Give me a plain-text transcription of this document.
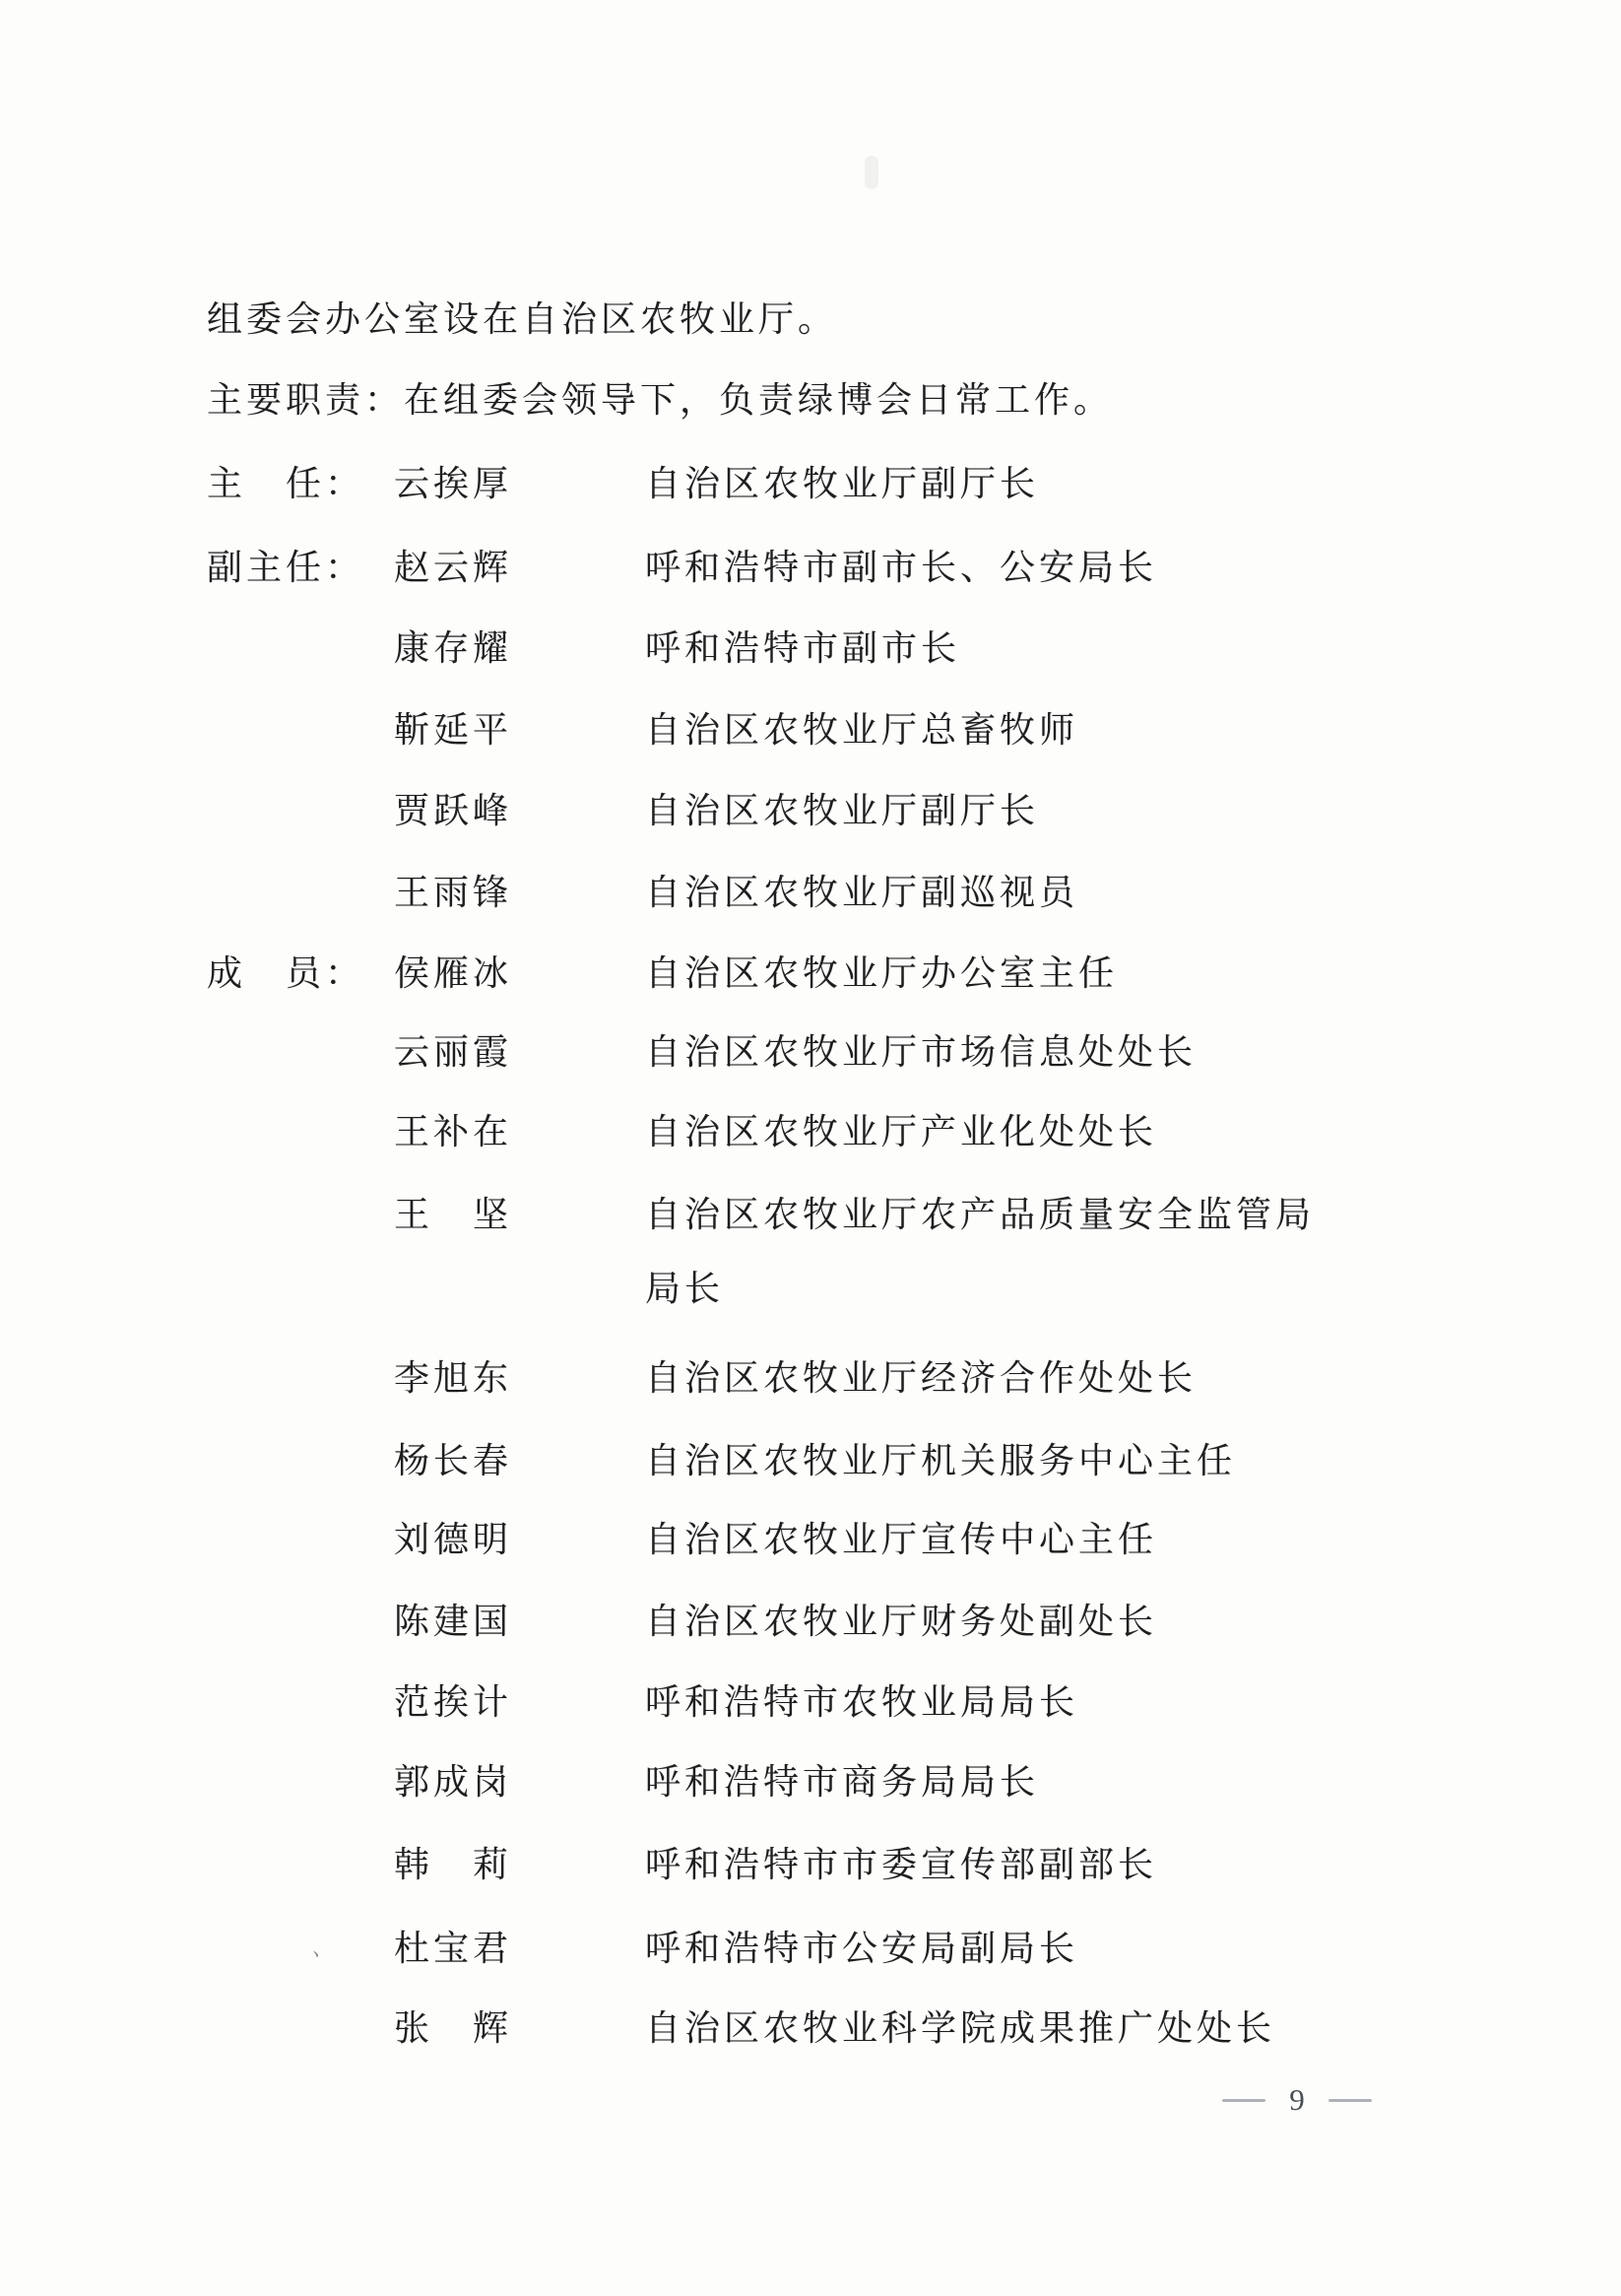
组委会办公室设在自治区农牧业厅。
主要职责：在组委会领导下，负责绿博会日常工作。
主　任： 云挨厚	自治区农牧业厅副厅长
副主任： 赵云辉	呼和浩特市副市长、公安局长
康存耀	呼和浩特市副市长
靳延平	自治区农牧业厅总畜牧师
贾跃峰	自治区农牧业厅副厅长
王雨锋	自治区农牧业厅副巡视员
成　员： 侯雁冰	自治区农牧业厅办公室主任
云丽霞	自治区农牧业厅市场信息处处长
王补在	自治区农牧业厅产业化处处长
王　坚	自治区农牧业厅农产品质量安全监管局
局长
李旭东	自治区农牧业厅经济合作处处长
杨长春	自治区农牧业厅机关服务中心主任
刘德明	自治区农牧业厅宣传中心主任
陈建国	自治区农牧业厅财务处副处长
范挨计	呼和浩特市农牧业局局长
郭成岗	呼和浩特市商务局局长
韩　莉	呼和浩特市市委宣传部副部长
、 杜宝君	呼和浩特市公安局副局长
张　辉	自治区农牧业科学院成果推广处处长
9
